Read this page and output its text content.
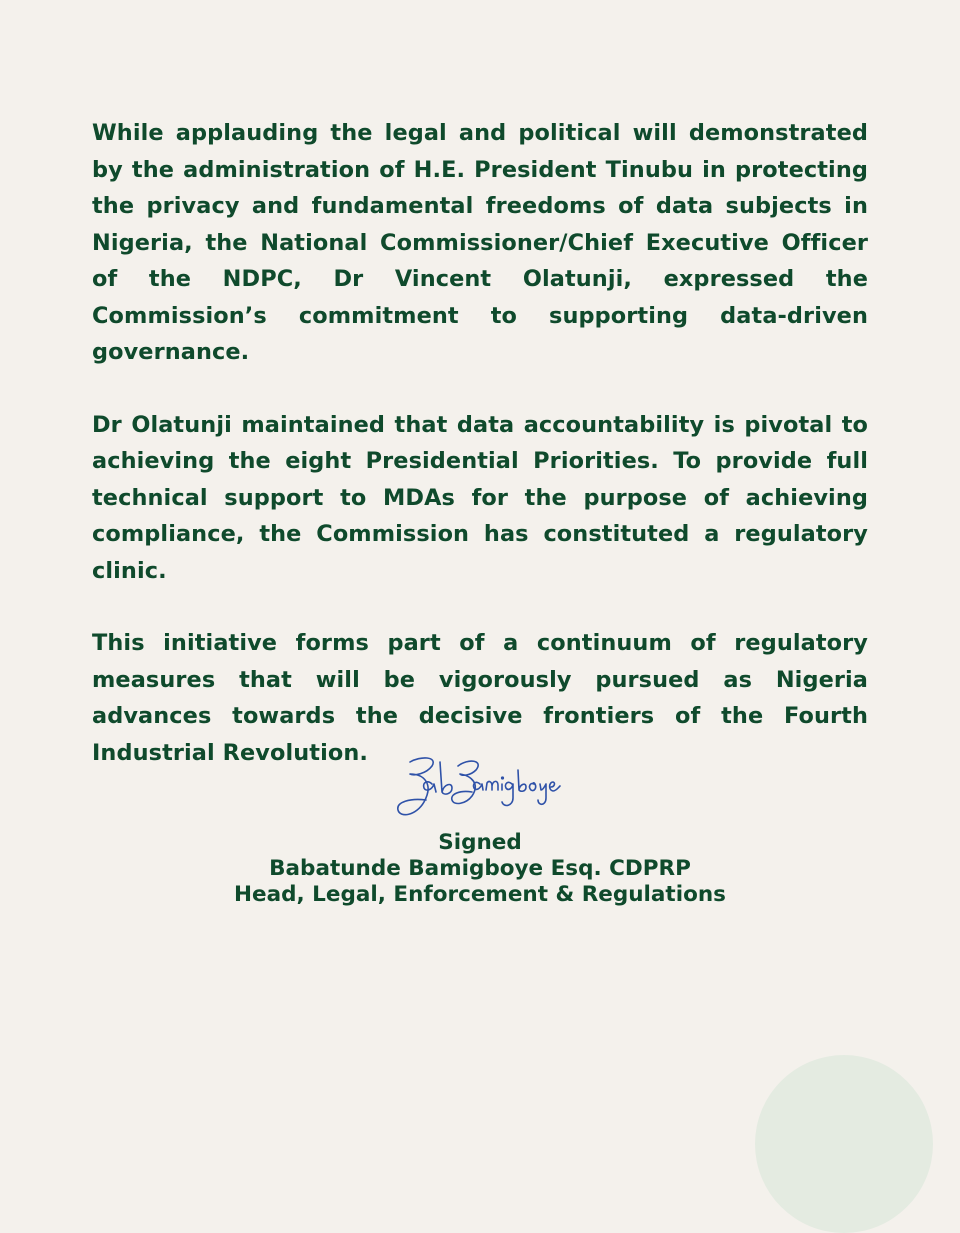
While applauding the legal and political will demonstrated by the administration of H.E. President Tinubu in protecting the privacy and fundamental freedoms of data subjects in Nigeria, the National Commissioner/Chief Executive Officer of the NDPC, Dr Vincent Olatunji, expressed the Commission’s commitment to supporting data-driven governance.

Dr Olatunji maintained that data accountability is pivotal to achieving the eight Presidential Priorities. To provide full technical support to MDAs for the purpose of achieving compliance, the Commission has constituted a regulatory clinic.

This initiative forms part of a continuum of regulatory measures that will be vigorously pursued as Nigeria advances towards the decisive frontiers of the Fourth Industrial Revolution.

Signed
Babatunde Bamigboye Esq. CDPRP
Head, Legal, Enforcement & Regulations
